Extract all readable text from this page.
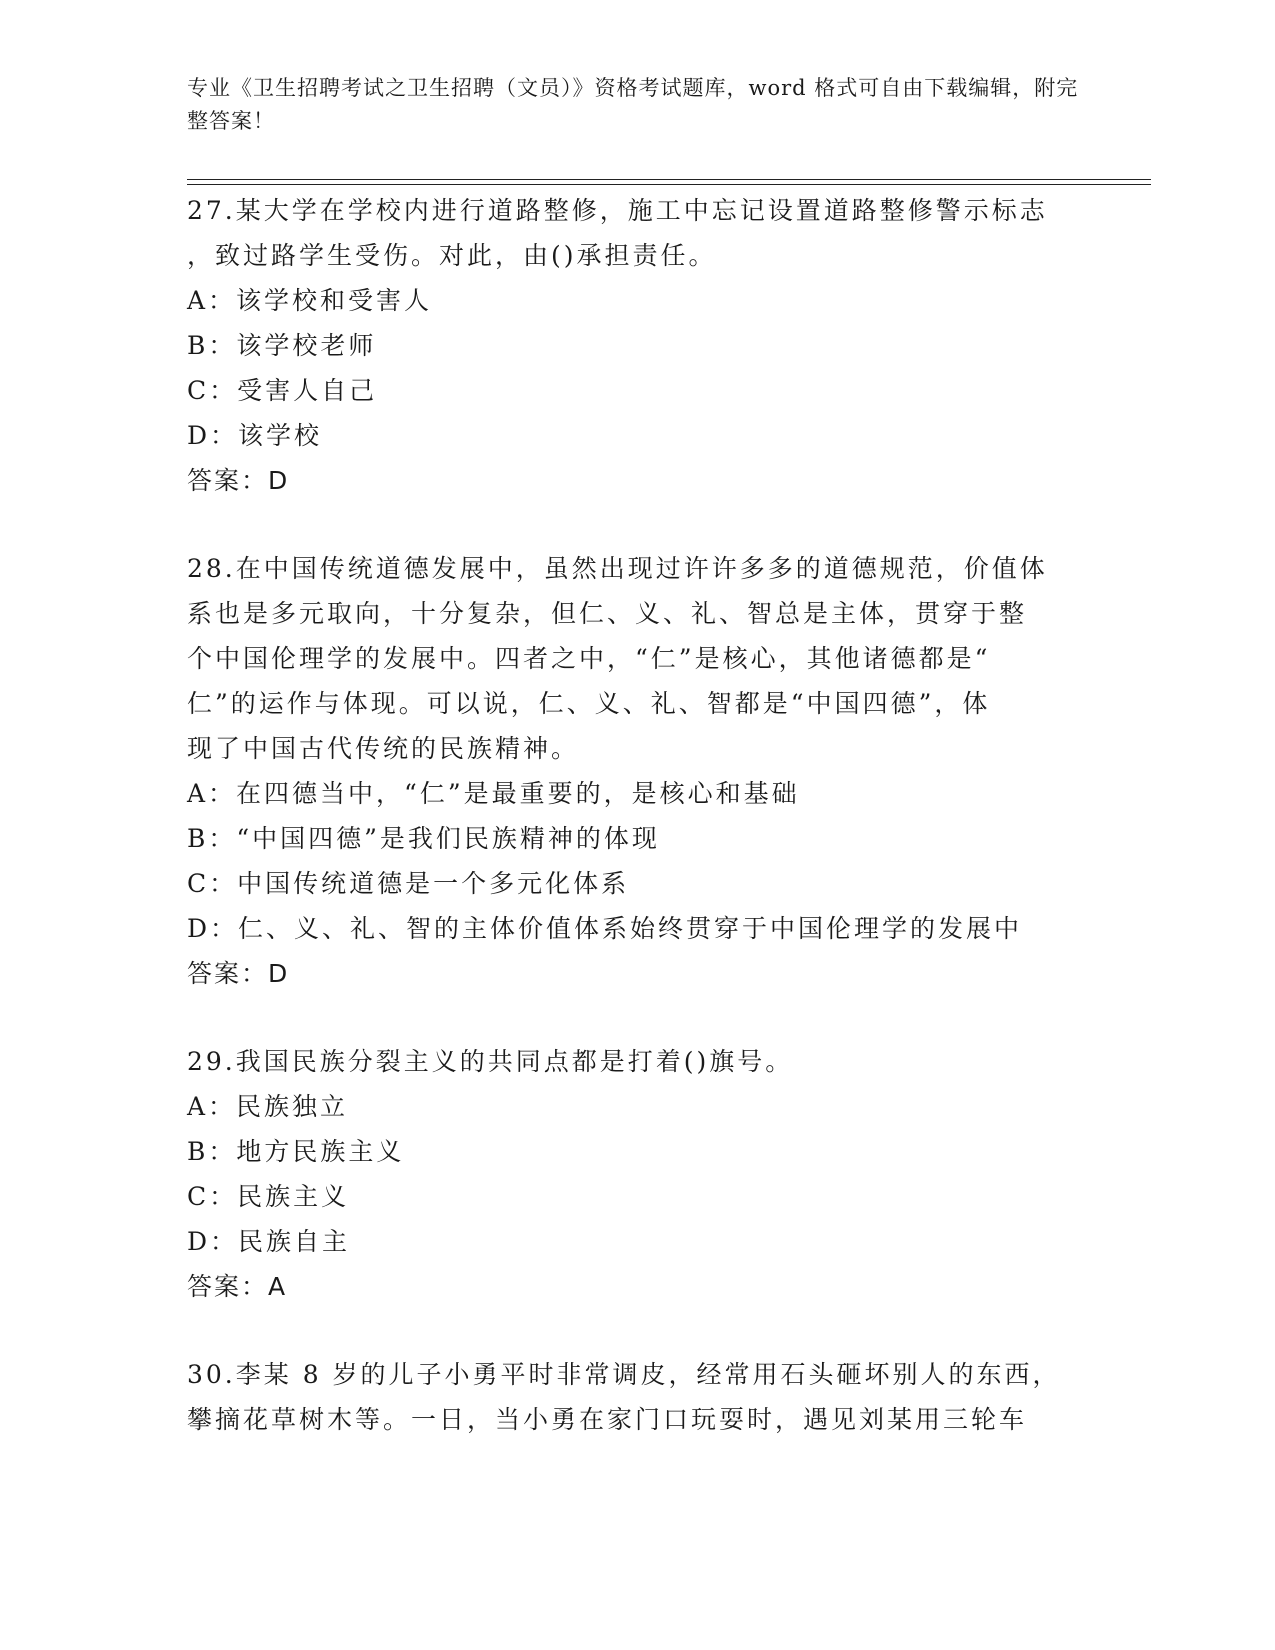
专业《卫生招聘考试之卫生招聘（文员）》资格考试题库，word 格式可自由下载编辑，附完整答案！
27.某大学在学校内进行道路整修，施工中忘记设置道路整修警示标志
，致过路学生受伤。对此，由()承担责任。
A：该学校和受害人
B：该学校老师
C：受害人自己
D：该学校
答案：D
28.在中国传统道德发展中，虽然出现过许许多多的道德规范，价值体
系也是多元取向，十分复杂，但仁、义、礼、智总是主体，贯穿于整
个中国伦理学的发展中。四者之中，“仁”是核心，其他诸德都是“
仁”的运作与体现。可以说，仁、义、礼、智都是“中国四德”，体
现了中国古代传统的民族精神。
A：在四德当中，“仁”是最重要的，是核心和基础
B：“中国四德”是我们民族精神的体现
C：中国传统道德是一个多元化体系
D：仁、义、礼、智的主体价值体系始终贯穿于中国伦理学的发展中
答案：D
29.我国民族分裂主义的共同点都是打着()旗号。
A：民族独立
B：地方民族主义
C：民族主义
D：民族自主
答案：A
30.李某 8 岁的儿子小勇平时非常调皮，经常用石头砸坏别人的东西，
攀摘花草树木等。一日，当小勇在家门口玩耍时，遇见刘某用三轮车
